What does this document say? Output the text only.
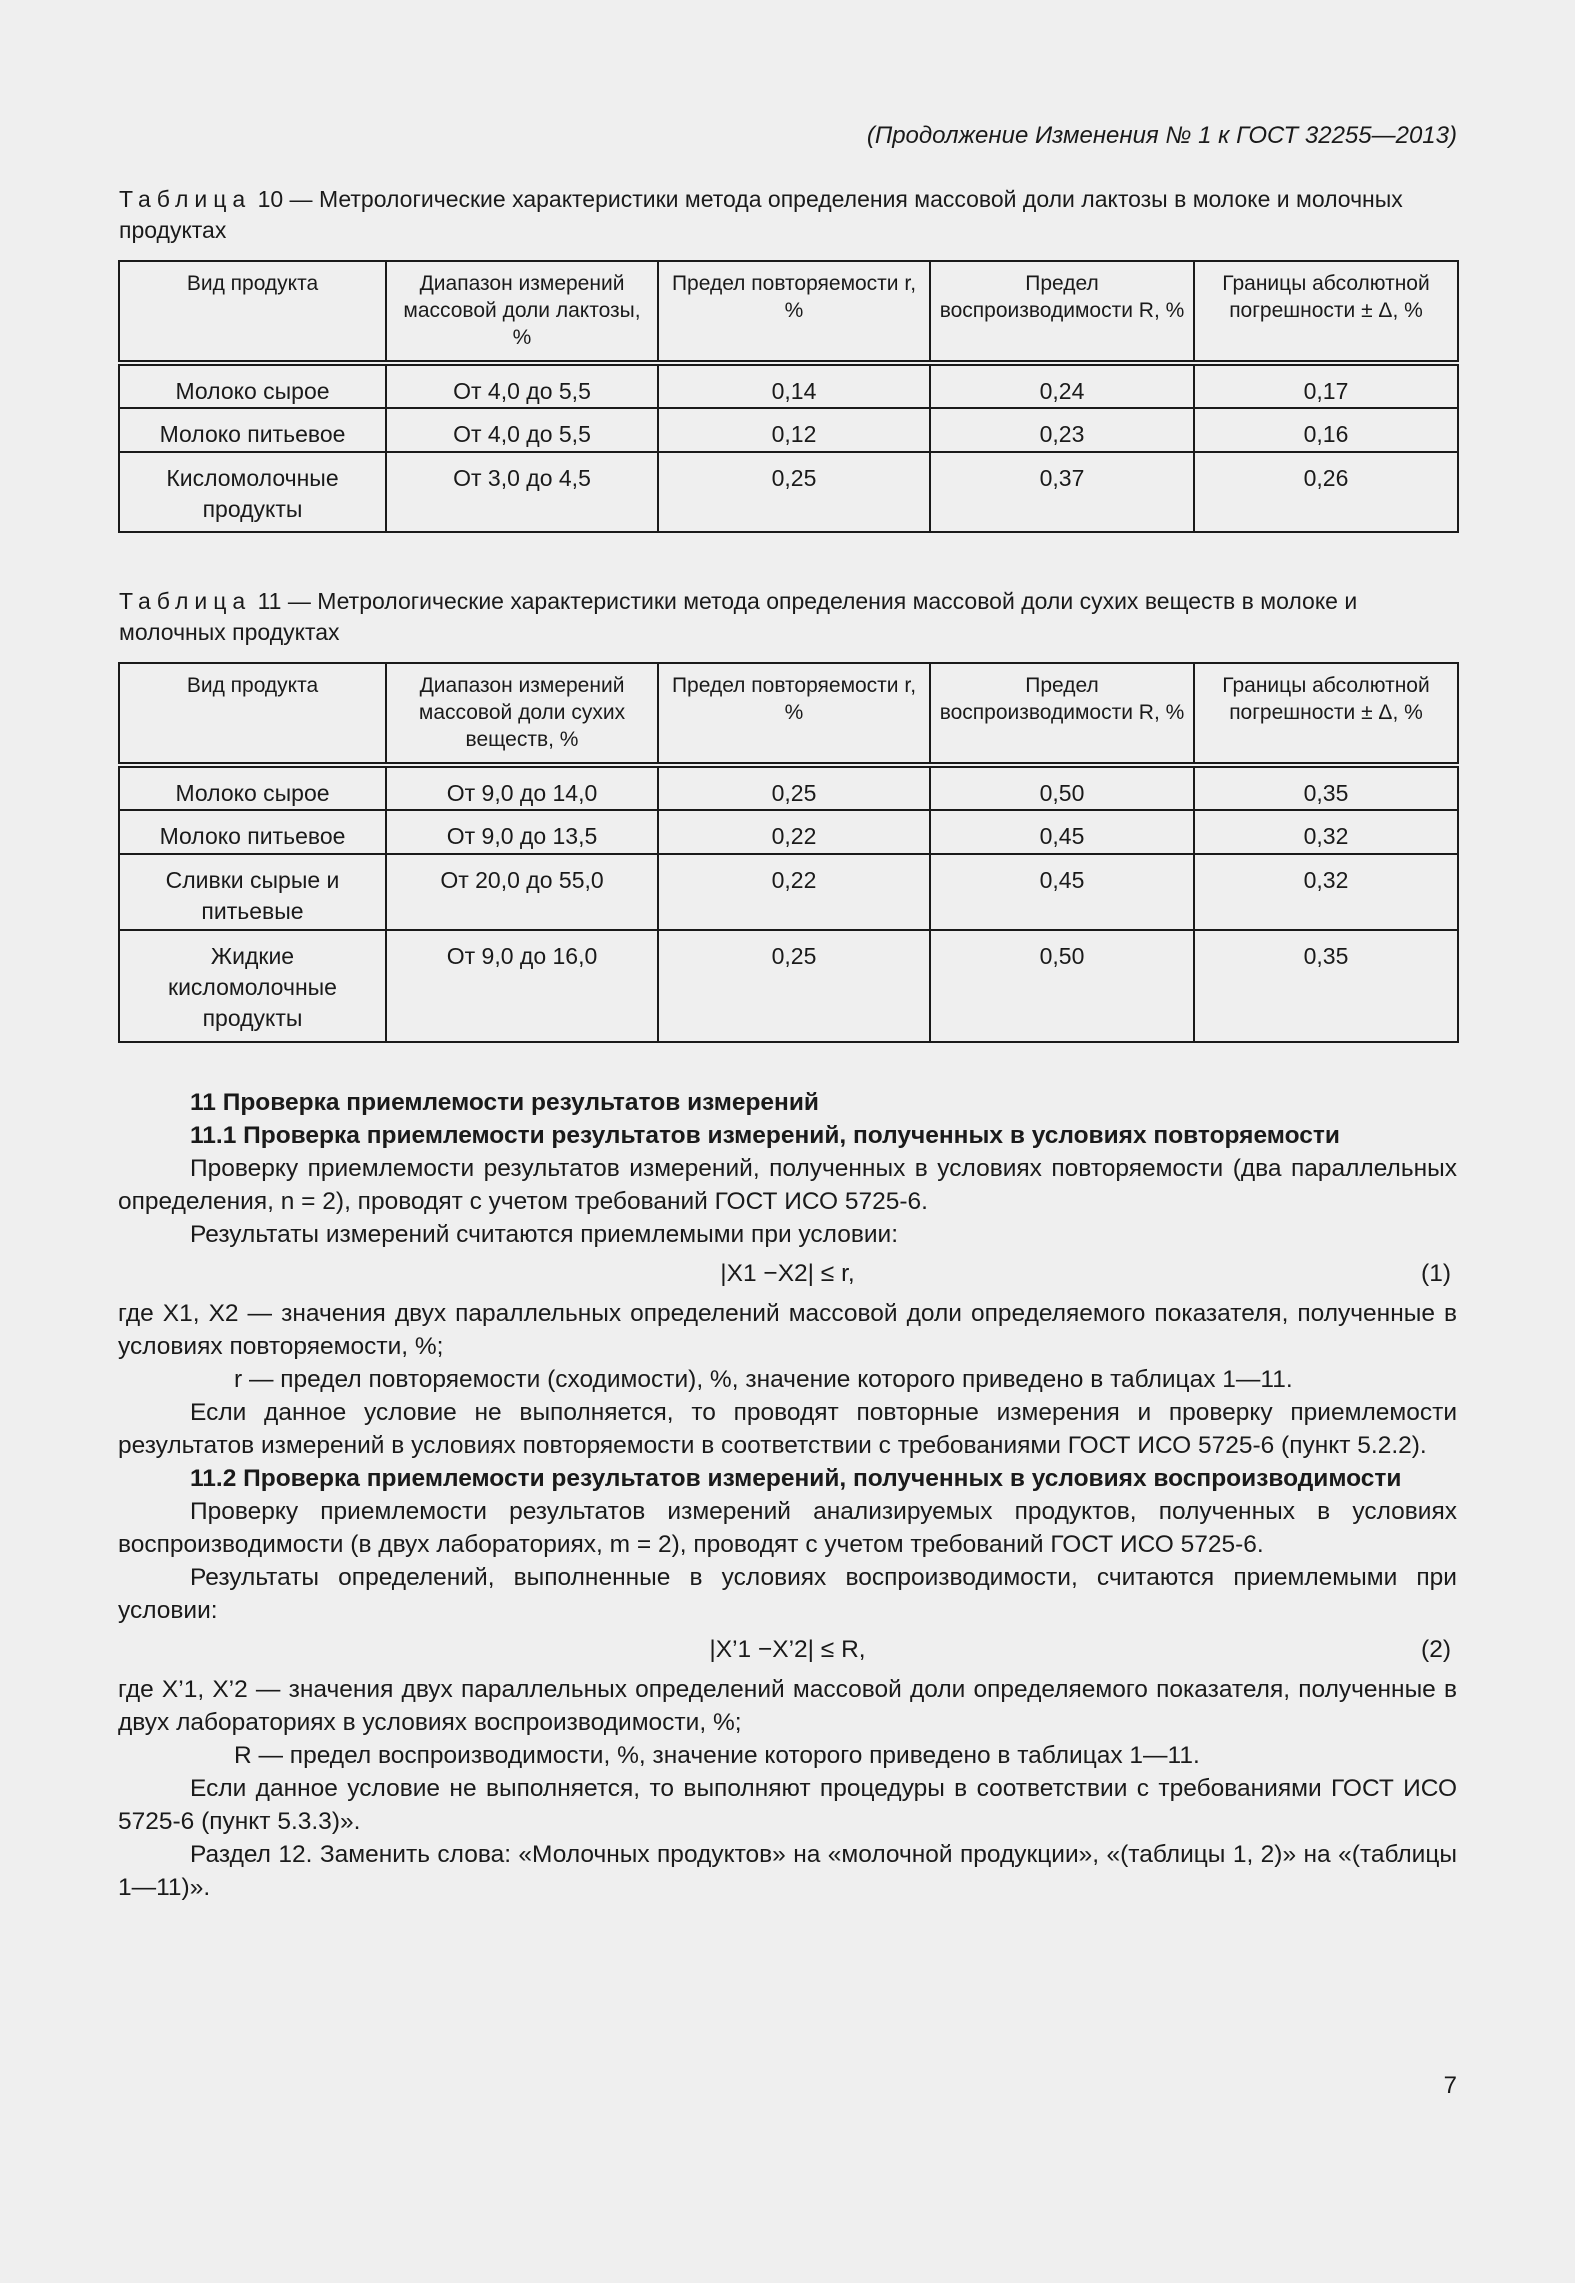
(Продолжение Изменения № 1 к ГОСТ 32255—2013)
Таблица 10 — Метрологические характеристики метода определения массовой доли лактозы в молоке и молочных продуктах
Вид продукта	Диапазон измерений массовой доли лактозы, %	Предел повторяемости r, %	Предел воспроизводимости R, %	Границы абсолютной погрешности ± Δ, %
Молоко сырое	От 4,0 до 5,5	0,14	0,24	0,17
Молоко питьевое	От 4,0 до 5,5	0,12	0,23	0,16
Кисломолочные продукты	От 3,0 до 4,5	0,25	0,37	0,26
Таблица 11 — Метрологические характеристики метода определения массовой доли сухих веществ в молоке и молочных продуктах
Вид продукта	Диапазон измерений массовой доли сухих веществ, %	Предел повторяемости r, %	Предел воспроизводимости R, %	Границы абсолютной погрешности ± Δ, %
Молоко сырое	От 9,0 до 14,0	0,25	0,50	0,35
Молоко питьевое	От 9,0 до 13,5	0,22	0,45	0,32
Сливки сырые и питьевые	От 20,0 до 55,0	0,22	0,45	0,32
Жидкие кисломолочные продукты	От 9,0 до 16,0	0,25	0,50	0,35

11 Проверка приемлемости результатов измерений

11.1 Проверка приемлемости результатов измерений, полученных в условиях повторяемости

Проверку приемлемости результатов измерений, полученных в условиях повторяемости (два параллельных определения, n = 2), проводят с учетом требований ГОСТ ИСО 5725-6.

Результаты измерений считаются приемлемыми при условии:

|X1 −X2| ≤ r,	(1)

где X1, X2 — значения двух параллельных определений массовой доли определяемого показателя, полученные в условиях повторяемости, %;

r — предел повторяемости (сходимости), %, значение которого приведено в таблицах 1—11.

Если данное условие не выполняется, то проводят повторные измерения и проверку приемлемости результатов измерений в условиях повторяемости в соответствии с требованиями ГОСТ ИСО 5725-6 (пункт 5.2.2).

11.2 Проверка приемлемости результатов измерений, полученных в условиях воспроизводимости

Проверку приемлемости результатов измерений анализируемых продуктов, полученных в условиях воспроизводимости (в двух лабораториях, m = 2), проводят с учетом требований ГОСТ ИСО 5725-6.

Результаты определений, выполненные в условиях воспроизводимости, считаются приемлемыми при условии:

|X’1 −X’2| ≤ R,	(2)

где X’1, X’2 — значения двух параллельных определений массовой доли определяемого показателя, полученные в двух лабораториях в условиях воспроизводимости, %;

R — предел воспроизводимости, %, значение которого приведено в таблицах 1—11.

Если данное условие не выполняется, то выполняют процедуры в соответствии с требованиями ГОСТ ИСО 5725-6 (пункт 5.3.3)».

Раздел 12. Заменить слова: «Молочных продуктов» на «молочной продукции», «(таблицы 1, 2)» на «(таблицы 1—11)».

7
